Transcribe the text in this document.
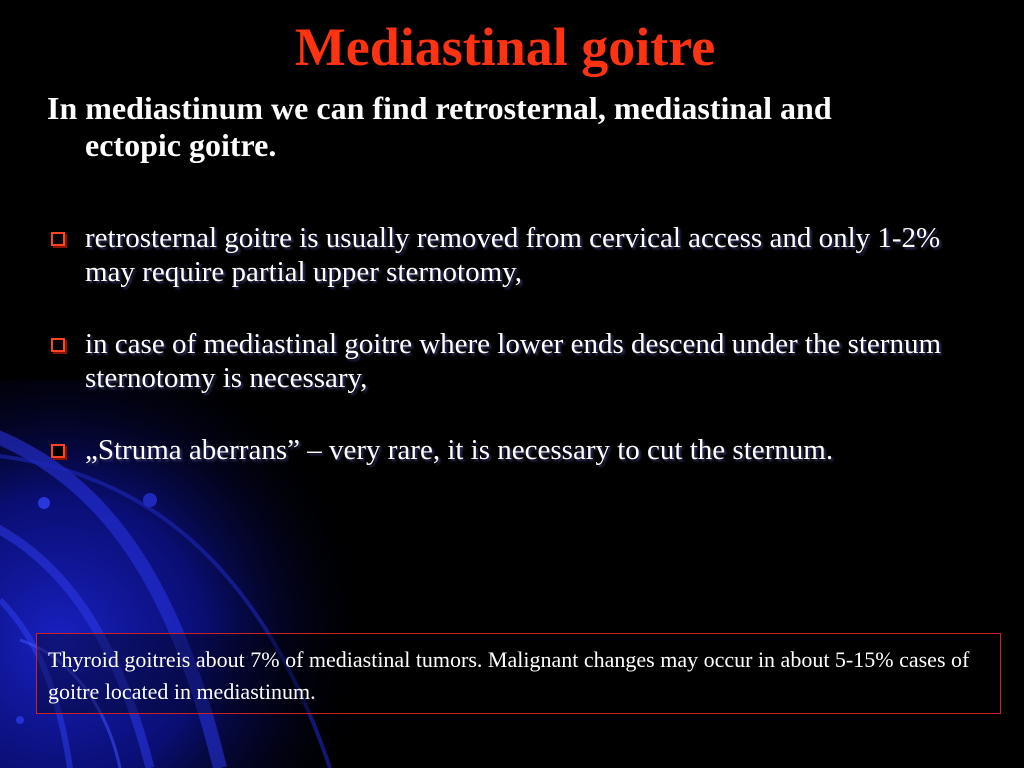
Mediastinal goitre

In mediastinum we can find retrosternal, mediastinal and ectopic goitre.

retrosternal goitre is usually removed from cervical access and only 1-2% may require partial upper sternotomy,
in case of mediastinal goitre where lower ends descend under the sternum sternotomy is necessary,
„Struma aberrans” – very rare, it is necessary to cut the sternum.
Thyroid goitreis about 7% of mediastinal tumors. Malignant changes may occur in about 5-15% cases of goitre located in mediastinum.
